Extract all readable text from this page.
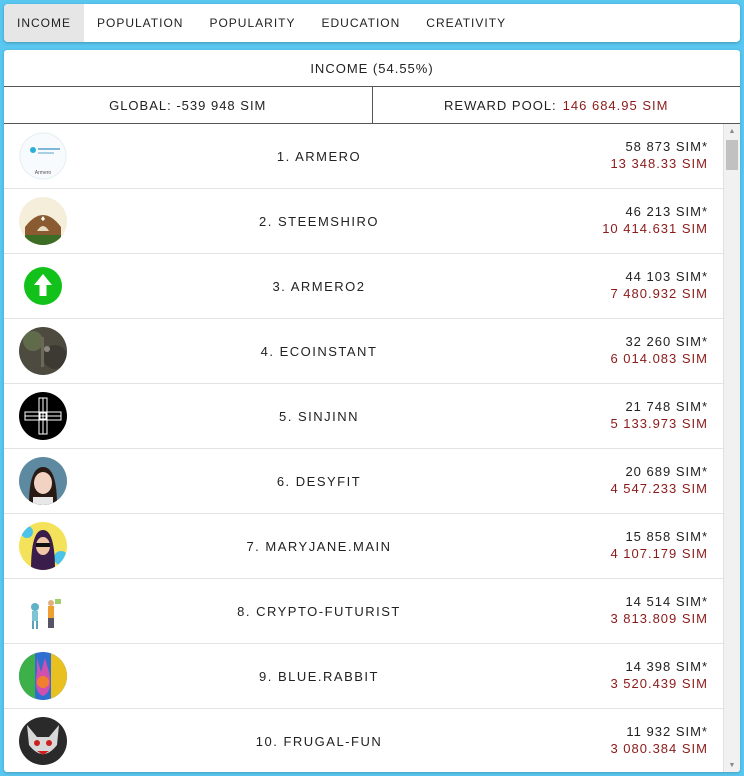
INCOME	POPULATION	POPULARITY	EDUCATION	CREATIVITY
INCOME (54.55%)
GLOBAL: -539 948 SIM	REWARD POOL: 146 684.95 SIM
Armero
1. ARMERO
58 873 SIM*
13 348.33 SIM
2. STEEMSHIRO
46 213 SIM*
10 414.631 SIM
3. ARMERO2
44 103 SIM*
7 480.932 SIM
4. ECOINSTANT
32 260 SIM*
6 014.083 SIM
5. SINJINN
21 748 SIM*
5 133.973 SIM
6. DESYFIT
20 689 SIM*
4 547.233 SIM
7. MARYJANE.MAIN
15 858 SIM*
4 107.179 SIM
8. CRYPTO-FUTURIST
14 514 SIM*
3 813.809 SIM
9. BLUE.RABBIT
14 398 SIM*
3 520.439 SIM
10. FRUGAL-FUN
11 932 SIM*
3 080.384 SIM
▲
▼
